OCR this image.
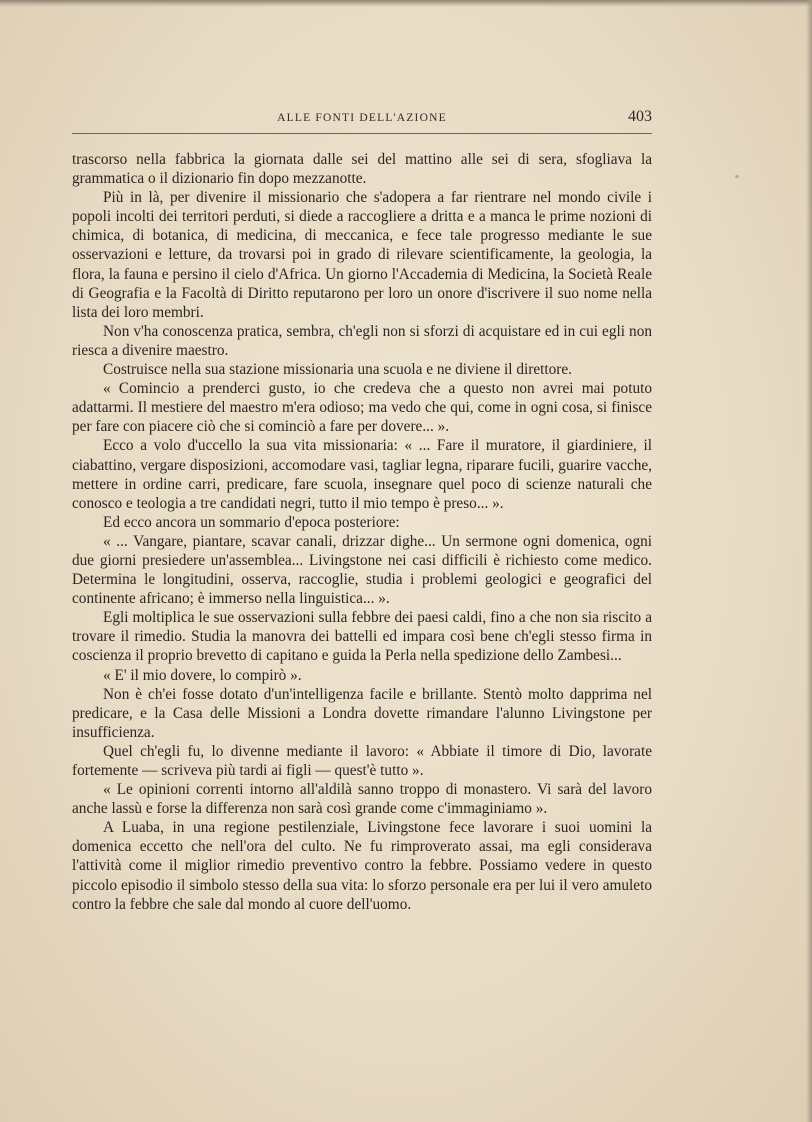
ALLE FONTI DELL'AZIONE	403

trascorso nella fabbrica la giornata dalle sei del mattino alle sei di sera, sfogliava la grammatica o il dizionario fin dopo mezzanotte.

Più in là, per divenire il missionario che s'adopera a far rientrare nel mondo civile i popoli incolti dei territori perduti, si diede a raccogliere a dritta e a manca le prime nozioni di chimica, di botanica, di medicina, di meccanica, e fece tale progresso mediante le sue osservazioni e letture, da trovarsi poi in grado di rilevare scientificamente, la geologia, la flora, la fauna e persino il cielo d'Africa. Un giorno l'Accademia di Medicina, la Società Reale di Geografia e la Facoltà di Diritto reputarono per loro un onore d'iscrivere il suo nome nella lista dei loro membri.

Non v'ha conoscenza pratica, sembra, ch'egli non si sforzi di acquistare ed in cui egli non riesca a divenire maestro.

Costruisce nella sua stazione missionaria una scuola e ne diviene il direttore.

« Comincio a prenderci gusto, io che credeva che a questo non avrei mai potuto adattarmi. Il mestiere del maestro m'era odioso; ma vedo che qui, come in ogni cosa, si finisce per fare con piacere ciò che si cominciò a fare per dovere... ».

Ecco a volo d'uccello la sua vita missionaria: « ... Fare il muratore, il giardiniere, il ciabattino, vergare disposizioni, accomodare vasi, tagliar legna, riparare fucili, guarire vacche, mettere in ordine carri, predicare, fare scuola, insegnare quel poco di scienze naturali che conosco e teologia a tre candidati negri, tutto il mio tempo è preso... ».

Ed ecco ancora un sommario d'epoca posteriore:

« ... Vangare, piantare, scavar canali, drizzar dighe... Un sermone ogni domenica, ogni due giorni presiedere un'assemblea... Livingstone nei casi difficili è richiesto come medico. Determina le longitudini, osserva, raccoglie, studia i problemi geologici e geografici del continente africano; è immerso nella linguistica... ».

Egli moltiplica le sue osservazioni sulla febbre dei paesi caldi, fino a che non sia riscito a trovare il rimedio. Studia la manovra dei battelli ed impara così bene ch'egli stesso firma in coscienza il proprio brevetto di capitano e guida la Perla nella spedizione dello Zambesi...

« E' il mio dovere, lo compirò ».

Non è ch'ei fosse dotato d'un'intelligenza facile e brillante. Stentò molto dapprima nel predicare, e la Casa delle Missioni a Londra dovette rimandare l'alunno Livingstone per insufficienza.

Quel ch'egli fu, lo divenne mediante il lavoro: « Abbiate il timore di Dio, lavorate fortemente — scriveva più tardi ai figli — quest'è tutto ».

« Le opinioni correnti intorno all'aldilà sanno troppo di monastero. Vi sarà del lavoro anche lassù e forse la differenza non sarà così grande come c'immaginiamo ».

A Luaba, in una regione pestilenziale, Livingstone fece lavorare i suoi uomini la domenica eccetto che nell'ora del culto. Ne fu rimproverato assai, ma egli considerava l'attività come il miglior rimedio preventivo contro la febbre. Possiamo vedere in questo piccolo episodio il simbolo stesso della sua vita: lo sforzo personale era per lui il vero amuleto contro la febbre che sale dal mondo al cuore dell'uomo.
